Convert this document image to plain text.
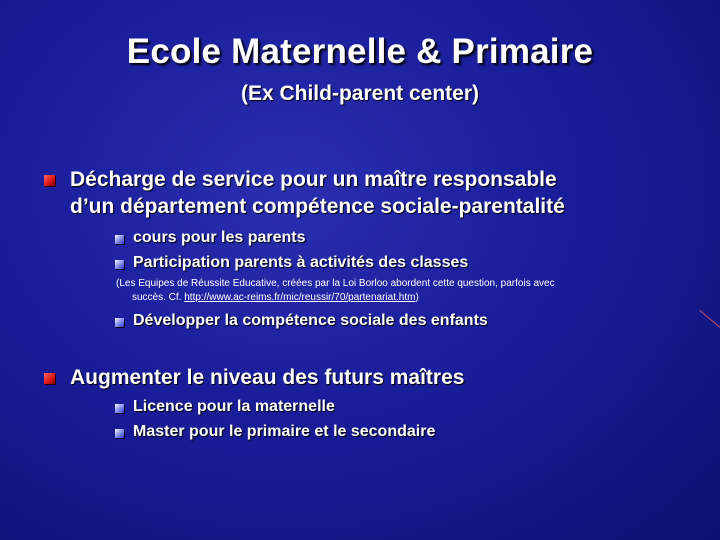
Ecole Maternelle & Primaire
(Ex Child-parent center)
Décharge de service pour un maître responsable
d’un département compétence sociale-parentalité
cours pour les parents
Participation parents à activités des classes
(Les Equipes de Réussite Educative, créées par la Loi Borloo abordent cette question, parfois avec
succès. Cf. http://www.ac-reims.fr/mic/reussir/70/partenariat.htm)
Développer la compétence sociale des enfants
Augmenter le niveau des futurs maîtres
Licence pour la maternelle
Master pour le primaire et le secondaire
